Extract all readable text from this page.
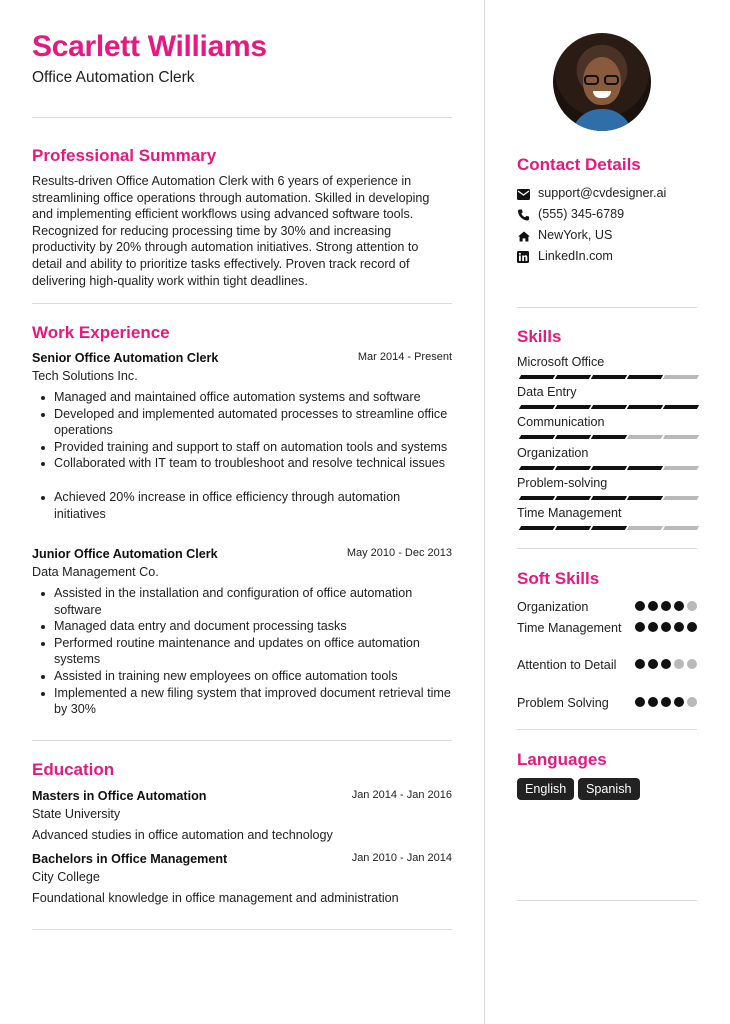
Scarlett Williams
Office Automation Clerk
Professional Summary
Results-driven Office Automation Clerk with 6 years of experience in streamlining office operations through automation. Skilled in developing and implementing efficient workflows using advanced software tools. Recognized for reducing processing time by 30% and increasing productivity by 20% through automation initiatives. Strong attention to detail and ability to prioritize tasks effectively. Proven track record of delivering high-quality work within tight deadlines.
Work Experience
Senior Office Automation Clerk	Mar 2014 - Present
Tech Solutions Inc.
Managed and maintained office automation systems and software
Developed and implemented automated processes to streamline office operations
Provided training and support to staff on automation tools and systems
Collaborated with IT team to troubleshoot and resolve technical issues
Achieved 20% increase in office efficiency through automation initiatives
Junior Office Automation Clerk	May 2010 - Dec 2013
Data Management Co.
Assisted in the installation and configuration of office automation software
Managed data entry and document processing tasks
Performed routine maintenance and updates on office automation systems
Assisted in training new employees on office automation tools
Implemented a new filing system that improved document retrieval time by 30%
Education
Masters in Office Automation	Jan 2014 - Jan 2016
State University
Advanced studies in office automation and technology
Bachelors in Office Management	Jan 2010 - Jan 2014
City College
Foundational knowledge in office management and administration
Contact Details
support@cvdesigner.ai
(555) 345-6789
NewYork, US
LinkedIn.com
Skills
Microsoft Office
Data Entry
Communication
Organization
Problem-solving
Time Management
Soft Skills
Organization
Time Management
Attention to Detail
Problem Solving
Languages
English	Spanish
